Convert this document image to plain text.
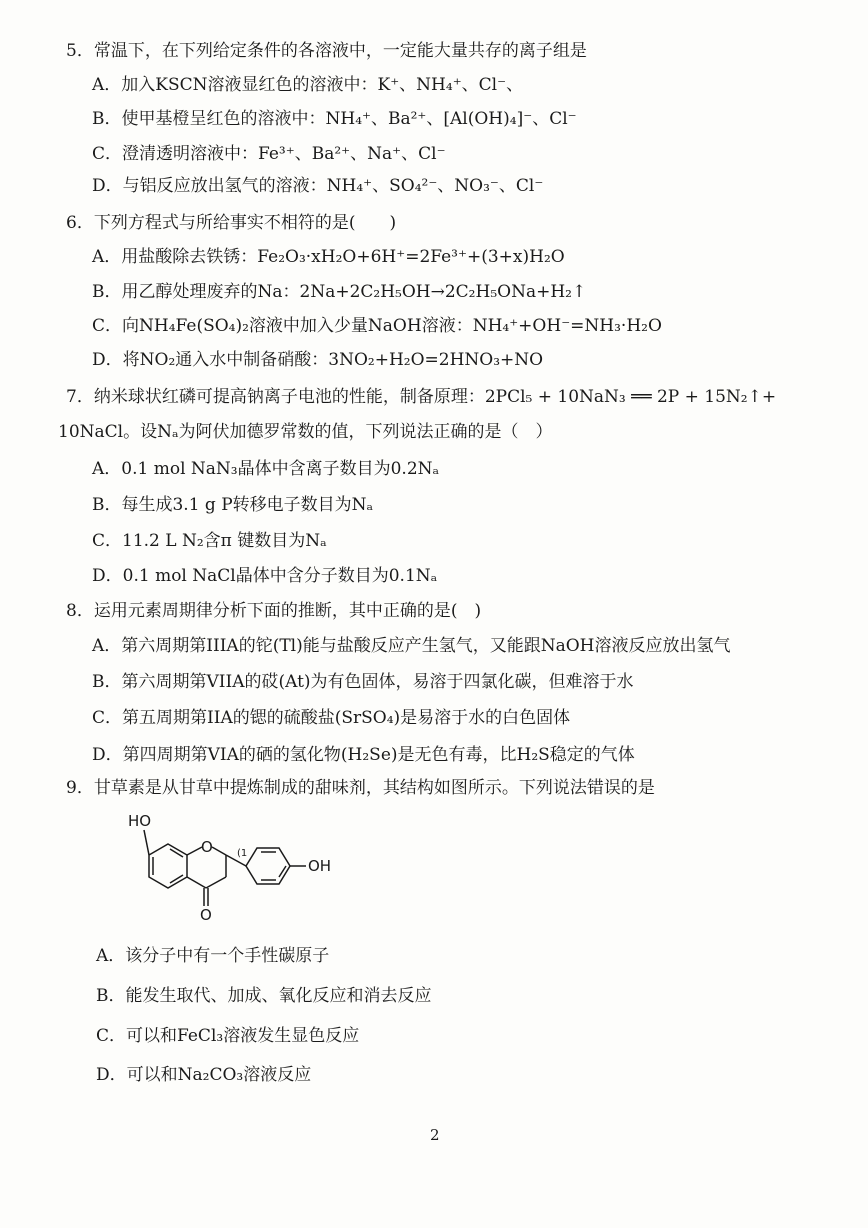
5．常温下，在下列给定条件的各溶液中，一定能大量共存的离子组是
A．加入KSCN溶液显红色的溶液中：K⁺、NH₄⁺、Cl⁻、
B．使甲基橙呈红色的溶液中：NH₄⁺、Ba²⁺、[Al(OH)₄]⁻、Cl⁻
C．澄清透明溶液中：Fe³⁺、Ba²⁺、Na⁺、Cl⁻
D．与铝反应放出氢气的溶液：NH₄⁺、SO₄²⁻、NO₃⁻、Cl⁻
6．下列方程式与所给事实不相符的是(　　)
A．用盐酸除去铁锈：Fe₂O₃·xH₂O+6H⁺=2Fe³⁺+(3+x)H₂O
B．用乙醇处理废弃的Na：2Na+2C₂H₅OH→2C₂H₅ONa+H₂↑
C．向NH₄Fe(SO₄)₂溶液中加入少量NaOH溶液：NH₄⁺+OH⁻=NH₃·H₂O
D．将NO₂通入水中制备硝酸：3NO₂+H₂O=2HNO₃+NO
7．纳米球状红磷可提高钠离子电池的性能，制备原理：2PCl₅ + 10NaN₃ ══ 2P + 15N₂↑+
10NaCl。设Nₐ为阿伏加德罗常数的值，下列说法正确的是（　）
A．0.1 mol NaN₃晶体中含离子数目为0.2Nₐ
B．每生成3.1 g P转移电子数目为Nₐ
C．11.2 L N₂含π 键数目为Nₐ
D．0.1 mol NaCl晶体中含分子数目为0.1Nₐ
8．运用元素周期律分析下面的推断，其中正确的是(　)
A．第六周期第IIIA的铊(Tl)能与盐酸反应产生氢气，又能跟NaOH溶液反应放出氢气
B．第六周期第VIIA的砹(At)为有色固体，易溶于四氯化碳，但难溶于水
C．第五周期第IIA的锶的硫酸盐(SrSO₄)是易溶于水的白色固体
D．第四周期第VIA的硒的氢化物(H₂Se)是无色有毒，比H₂S稳定的气体
9．甘草素是从甘草中提炼制成的甜味剂，其结构如图所示。下列说法错误的是
HO
O
O
(1
OH
A．该分子中有一个手性碳原子
B．能发生取代、加成、氧化反应和消去反应
C．可以和FeCl₃溶液发生显色反应
D．可以和Na₂CO₃溶液反应
2
